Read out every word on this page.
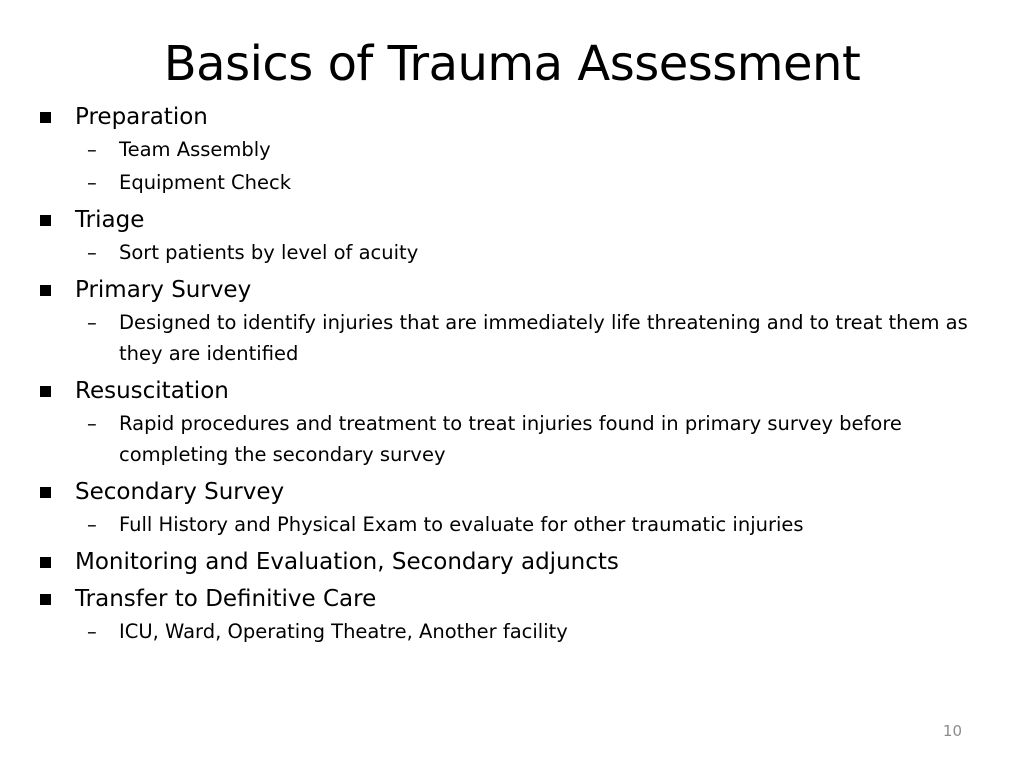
Basics of Trauma Assessment
Preparation
– Team Assembly
– Equipment Check
Triage
– Sort patients by level of acuity
Primary Survey
– Designed to identify injuries that are immediately life threatening and to treat them as they are identified
Resuscitation
– Rapid procedures and treatment to treat injuries found in primary survey before completing the secondary survey
Secondary Survey
– Full History and Physical Exam to evaluate for other traumatic injuries
Monitoring and Evaluation, Secondary adjuncts
Transfer to Definitive Care
– ICU, Ward, Operating Theatre, Another facility
10
